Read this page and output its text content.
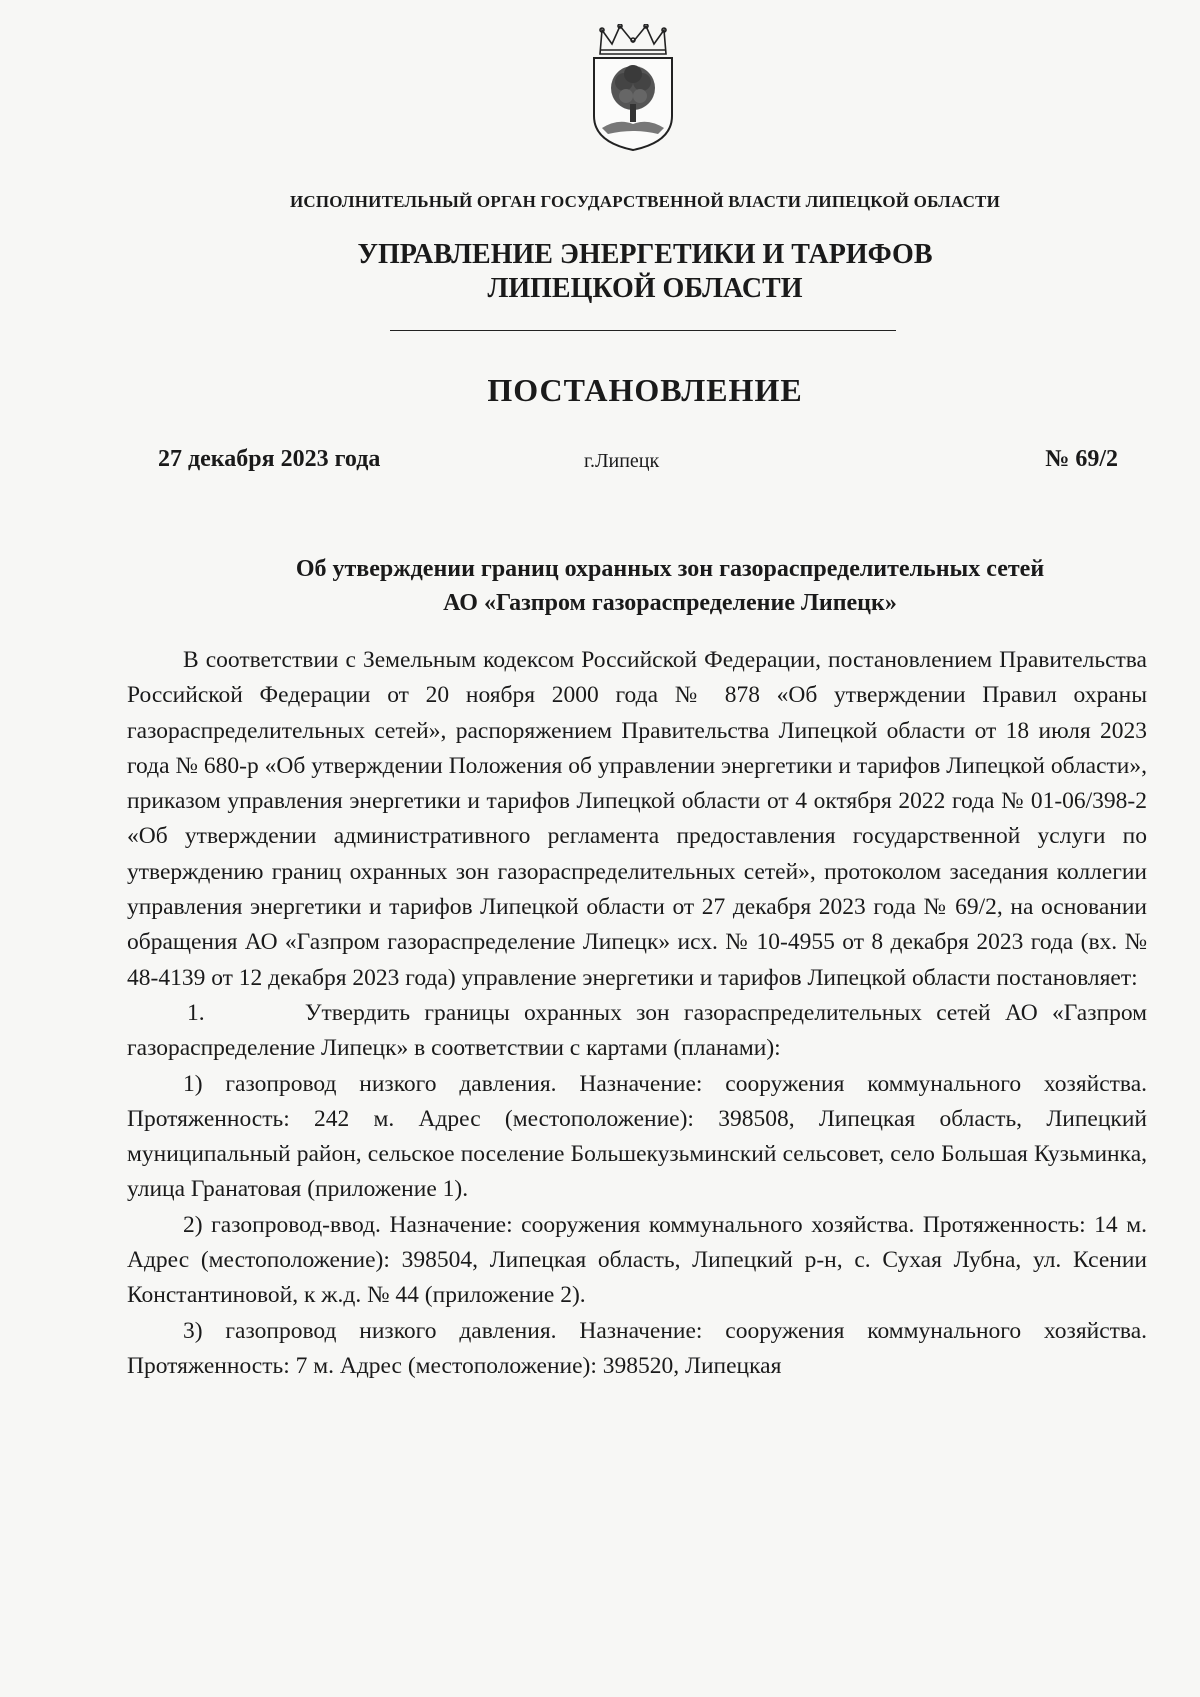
ИСПОЛНИТЕЛЬНЫЙ ОРГАН ГОСУДАРСТВЕННОЙ ВЛАСТИ ЛИПЕЦКОЙ ОБЛАСТИ
УПРАВЛЕНИЕ ЭНЕРГЕТИКИ И ТАРИФОВ
ЛИПЕЦКОЙ ОБЛАСТИ
ПОСТАНОВЛЕНИЕ
27 декабря 2023 года	г.Липецк	№ 69/2
Об утверждении границ охранных зон газораспределительных сетей
АО «Газпром газораспределение Липецк»

В соответствии с Земельным кодексом Российской Федерации, постановлением Правительства Российской Федерации от 20 ноября 2000 года № 878 «Об утверждении Правил охраны газораспределительных сетей», распоряжением Правительства Липецкой области от 18 июля 2023 года № 680-р «Об утверждении Положения об управлении энергетики и тарифов Липецкой области», приказом управления энергетики и тарифов Липецкой области от 4 октября 2022 года № 01-06/398-2 «Об утверждении административного регламента предоставления государственной услуги по утверждению границ охранных зон газораспределительных сетей», протоколом заседания коллегии управления энергетики и тарифов Липецкой области от 27 декабря 2023 года № 69/2, на основании обращения АО «Газпром газораспределение Липецк» исх. № 10-4955 от 8 декабря 2023 года (вх. № 48-4139 от 12 декабря 2023 года) управление энергетики и тарифов Липецкой области постановляет:

1.       Утвердить границы охранных зон газораспределительных сетей АО «Газпром газораспределение Липецк» в соответствии с картами (планами):

1) газопровод низкого давления. Назначение: сооружения коммунального хозяйства. Протяженность: 242 м. Адрес (местоположение): 398508, Липецкая область, Липецкий муниципальный район, сельское поселение Большекузьминский сельсовет, село Большая Кузьминка, улица Гранатовая (приложение 1).

2) газопровод-ввод. Назначение: сооружения коммунального хозяйства. Протяженность: 14 м. Адрес (местоположение): 398504, Липецкая область, Липецкий р-н, с. Сухая Лубна, ул. Ксении Константиновой, к ж.д. № 44 (приложение 2).

3) газопровод низкого давления. Назначение: сооружения коммунального хозяйства. Протяженность: 7 м. Адрес (местоположение): 398520, Липецкая
